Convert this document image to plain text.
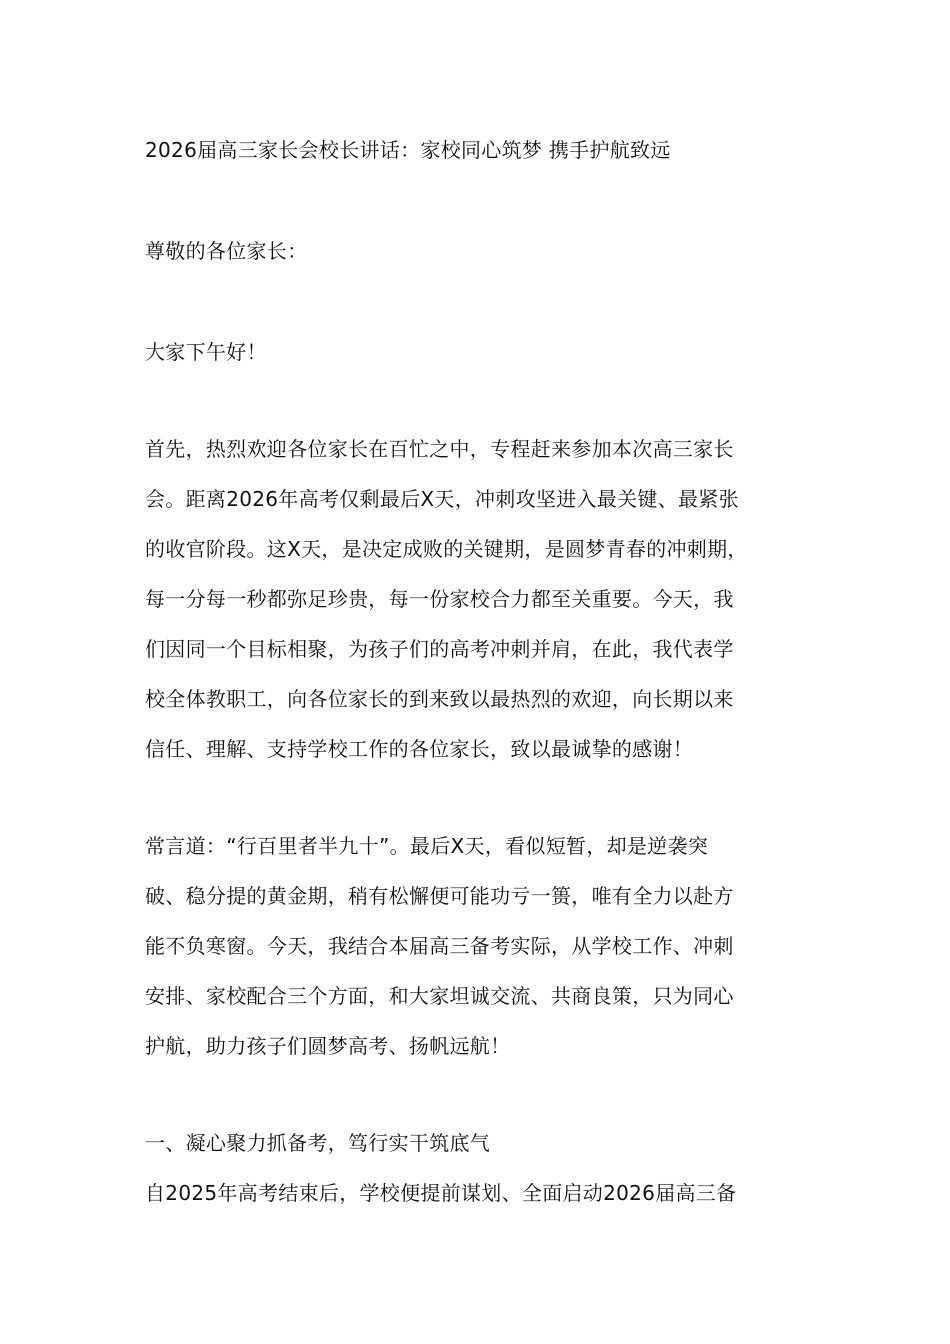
2026届高三家长会校长讲话：家校同心筑梦 携手护航致远
尊敬的各位家长：
大家下午好！
首先，热烈欢迎各位家长在百忙之中，专程赶来参加本次高三家长
会。距离2026年高考仅剩最后X天，冲刺攻坚进入最关键、最紧张
的收官阶段。这X天，是决定成败的关键期，是圆梦青春的冲刺期，
每一分每一秒都弥足珍贵，每一份家校合力都至关重要。今天，我
们因同一个目标相聚，为孩子们的高考冲刺并肩，在此，我代表学
校全体教职工，向各位家长的到来致以最热烈的欢迎，向长期以来
信任、理解、支持学校工作的各位家长，致以最诚挚的感谢！
常言道：“行百里者半九十”。最后X天，看似短暂，却是逆袭突
破、稳分提的黄金期，稍有松懈便可能功亏一篑，唯有全力以赴方
能不负寒窗。今天，我结合本届高三备考实际，从学校工作、冲刺
安排、家校配合三个方面，和大家坦诚交流、共商良策，只为同心
护航，助力孩子们圆梦高考、扬帆远航！
一、凝心聚力抓备考，笃行实干筑底气
自2025年高考结束后，学校便提前谋划、全面启动2026届高三备
